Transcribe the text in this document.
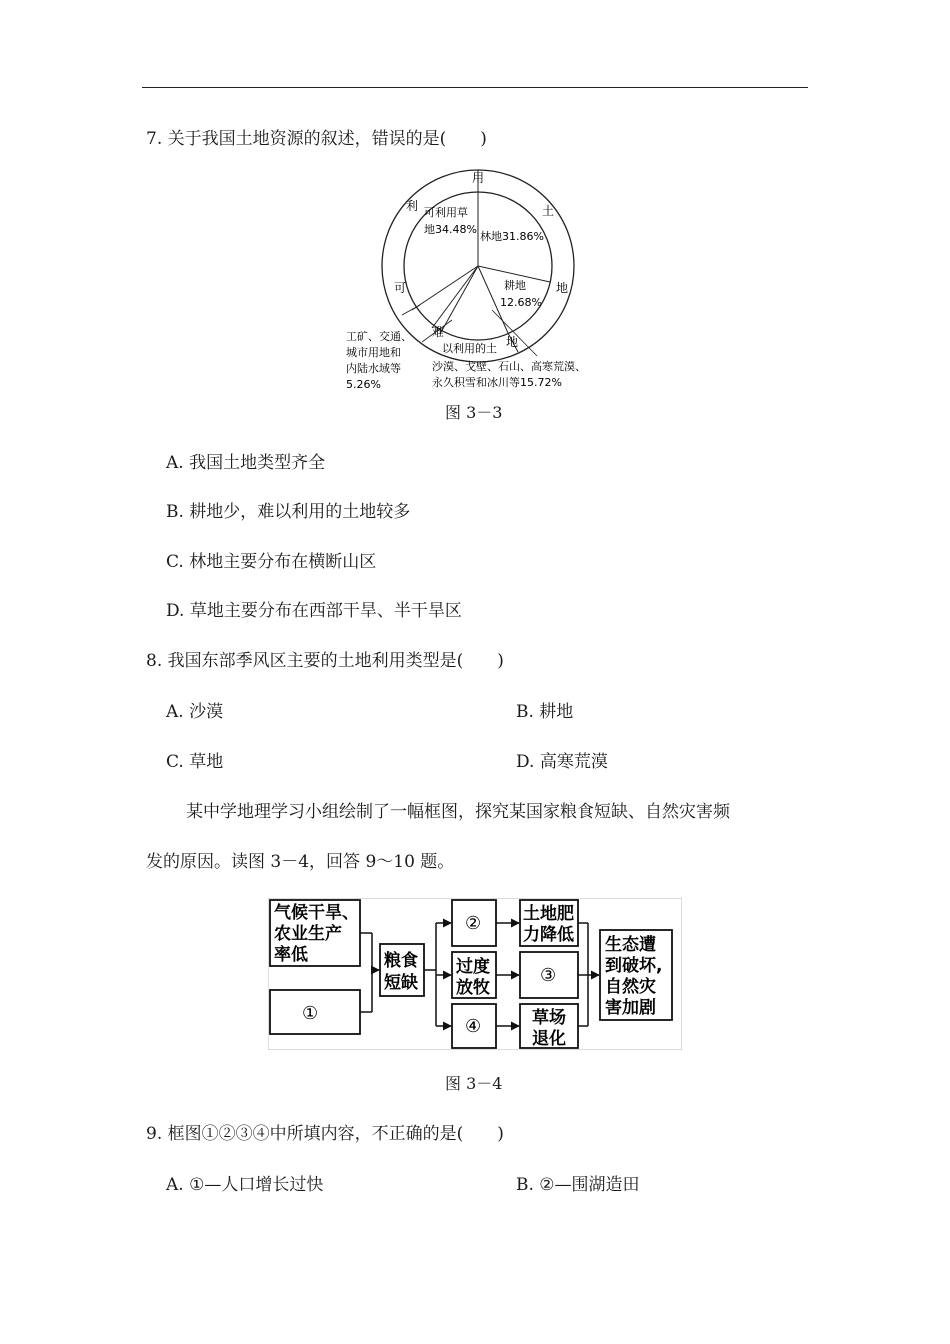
7. 关于我国土地资源的叙述，错误的是(　　)
用
土
地
地
难
可
利 可利用草
地34.48%
林地31.86%
耕地
12.68%
以利用的土
工矿、交通、
城市用地和
内陆水域等
5.26%
沙漠、戈壁、石山、高寒荒漠、
永久积雪和冰川等15.72%
图 3－3
A. 我国土地类型齐全
B. 耕地少，难以利用的土地较多
C. 林地主要分布在横断山区
D. 草地主要分布在西部干旱、半干旱区
8. 我国东部季风区主要的土地利用类型是(　　)
A. 沙漠	B. 耕地
C. 草地	D. 高寒荒漠
某中学地理学习小组绘制了一幅框图，探究某国家粮食短缺、自然灾害频
发的原因。读图 3－4，回答 9～10 题。
气候干旱、
农业生产
率低
①
粮食
短缺
②
过度
放牧
④
土地肥
力降低
③
草场
退化
生态遭
到破坏,
自然灾
害加剧
图 3－4
9. 框图①②③④中所填内容，不正确的是(　　)
A. ①—人口增长过快	B. ②—围湖造田
